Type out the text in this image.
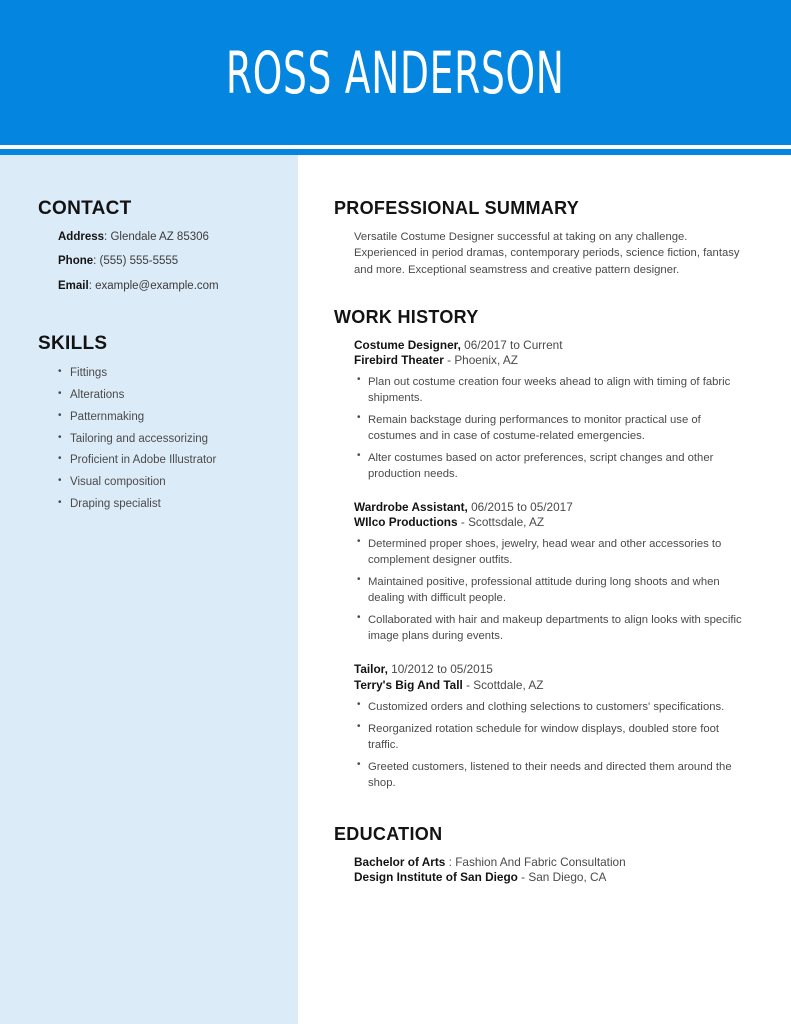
ROSS ANDERSON
CONTACT
Address: Glendale AZ 85306
Phone: (555) 555-5555
Email: example@example.com
SKILLS
• Fittings
• Alterations
• Patternmaking
• Tailoring and accessorizing
• Proficient in Adobe Illustrator
• Visual composition
• Draping specialist
PROFESSIONAL SUMMARY

Versatile Costume Designer successful at taking on any challenge. Experienced in period dramas, contemporary periods, science fiction, fantasy and more. Exceptional seamstress and creative pattern designer.

WORK HISTORY
Costume Designer, 06/2017 to Current
Firebird Theater - Phoenix, AZ
• Plan out costume creation four weeks ahead to align with timing of fabric shipments.
• Remain backstage during performances to monitor practical use of costumes and in case of costume-related emergencies.
• Alter costumes based on actor preferences, script changes and other production needs.
Wardrobe Assistant, 06/2015 to 05/2017
WIlco Productions - Scottsdale, AZ
• Determined proper shoes, jewelry, head wear and other accessories to complement designer outfits.
• Maintained positive, professional attitude during long shoots and when dealing with difficult people.
• Collaborated with hair and makeup departments to align looks with specific image plans during events.
Tailor, 10/2012 to 05/2015
Terry's Big And Tall - Scottdale, AZ
• Customized orders and clothing selections to customers' specifications.
• Reorganized rotation schedule for window displays, doubled store foot traffic.
• Greeted customers, listened to their needs and directed them around the shop.
EDUCATION
Bachelor of Arts : Fashion And Fabric Consultation
Design Institute of San Diego - San Diego, CA
